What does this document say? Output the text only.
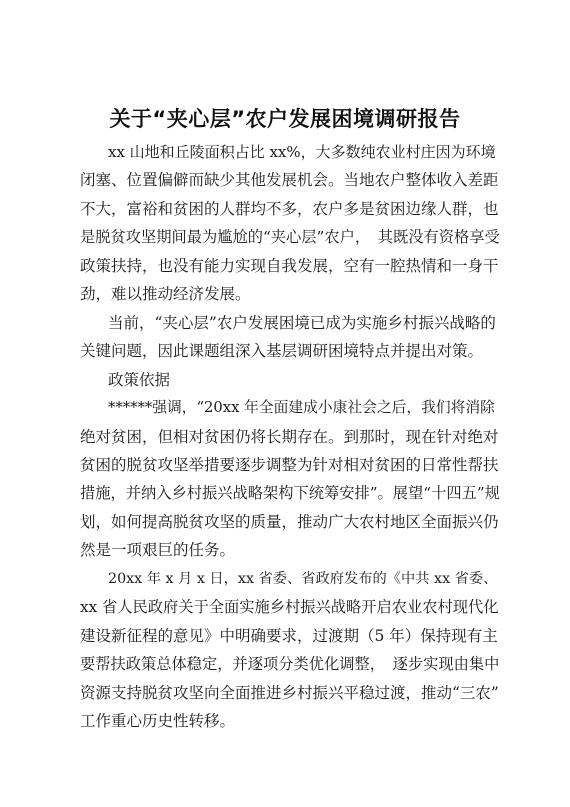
关于“夹心层”农户发展困境调研报告
xx 山地和丘陵面积占比 xx%，大多数纯农业村庄因为环境
闭塞、位置偏僻而缺少其他发展机会。当地农户整体收入差距
不大，富裕和贫困的人群均不多，农户多是贫困边缘人群，也
是脱贫攻坚期间最为尴尬的“夹心层”农户，　其既没有资格享受
政策扶持，也没有能力实现自我发展，空有一腔热情和一身干
劲，难以推动经济发展。
当前，“夹心层”农户发展困境已成为实施乡村振兴战略的
关键问题，因此课题组深入基层调研困境特点并提出对策。
政策依据
******强调，“20xx 年全面建成小康社会之后，我们将消除
绝对贫困，但相对贫困仍将长期存在。到那时，现在针对绝对
贫困的脱贫攻坚举措要逐步调整为针对相对贫困的日常性帮扶
措施，并纳入乡村振兴战略架构下统筹安排”。展望“十四五”规
划，如何提高脱贫攻坚的质量，推动广大农村地区全面振兴仍
然是一项艰巨的任务。
20xx 年 x 月 x 日，xx 省委、省政府发布的《中共 xx 省委、
xx 省人民政府关于全面实施乡村振兴战略开启农业农村现代化
建设新征程的意见》中明确要求，过渡期（5 年）保持现有主
要帮扶政策总体稳定，并逐项分类优化调整，　逐步实现由集中
资源支持脱贫攻坚向全面推进乡村振兴平稳过渡，推动“三农”
工作重心历史性转移。
